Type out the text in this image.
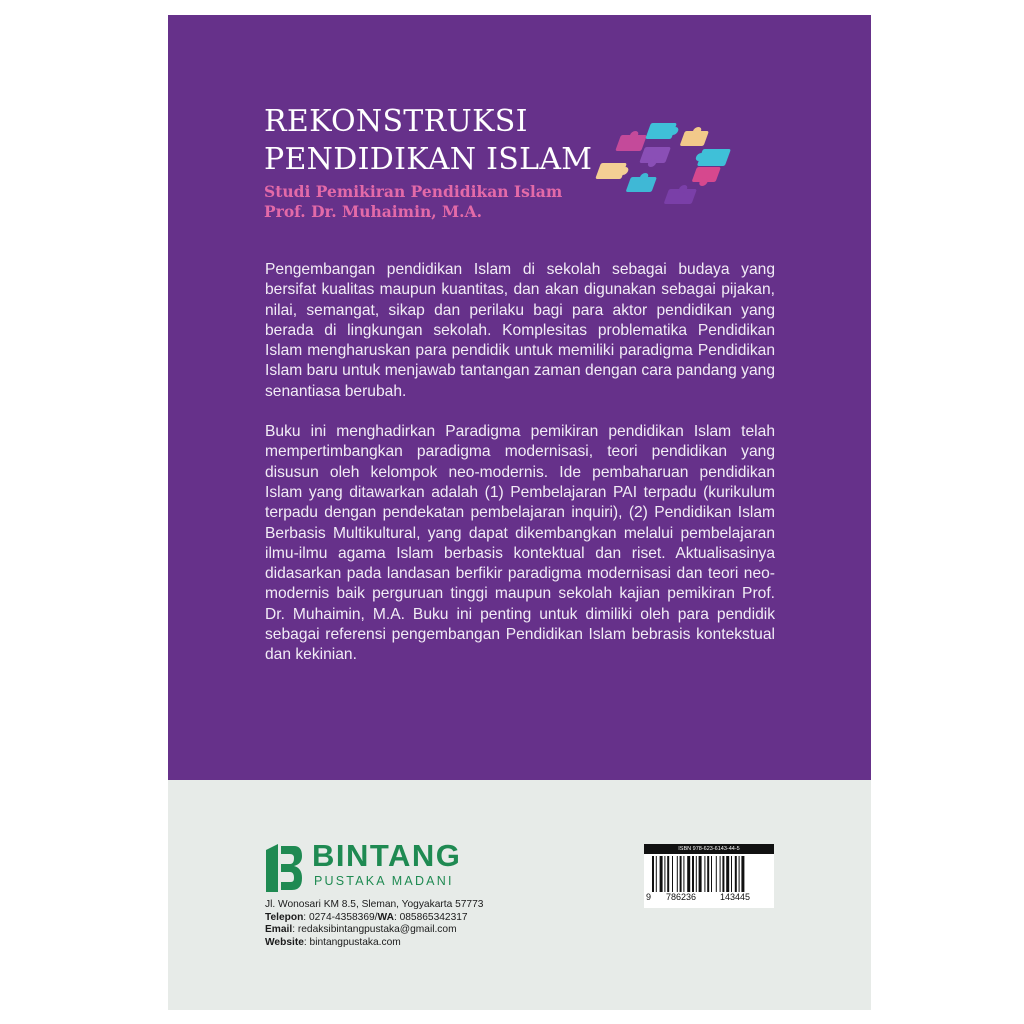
REKONSTRUKSI
PENDIDIKAN ISLAM
Studi Pemikiran Pendidikan Islam
Prof. Dr. Muhaimin, M.A.

Pengembangan pendidikan Islam di sekolah sebagai budaya yang bersifat kualitas maupun kuantitas, dan akan digunakan sebagai pijakan, nilai, semangat, sikap dan perilaku bagi para aktor pendidikan yang berada di lingkungan sekolah. Komplesitas problematika Pendidikan Islam mengharuskan para pendidik untuk memiliki paradigma Pendidikan Islam baru untuk menjawab tantangan zaman dengan cara pandang yang senantiasa berubah.

Buku ini menghadirkan Paradigma pemikiran pendidikan Islam telah mempertimbangkan paradigma modernisasi, teori pendidikan yang disusun oleh kelompok neo-modernis. Ide pembaharuan pendidikan Islam yang ditawarkan adalah (1) Pembelajaran PAI terpadu (kurikulum terpadu dengan pendekatan pembelajaran inquiri), (2) Pendidikan Islam Berbasis Multikultural, yang dapat dikembangkan melalui pembelajaran ilmu-ilmu agama Islam berbasis kontektual dan riset. Aktualisasinya didasarkan pada landasan berfikir paradigma modernisasi dan teori neo-modernis baik perguruan tinggi maupun sekolah kajian pemikiran Prof. Dr. Muhaimin, M.A. Buku ini penting untuk dimiliki oleh para pendidik sebagai referensi pengembangan Pendidikan Islam bebrasis kontekstual dan kekinian.

BINTANG
PUSTAKA MADANI
Jl. Wonosari KM 8.5, Sleman, Yogyakarta 57773
Telepon: 0274-4358369/WA: 085865342317
Email: redaksibintangpustaka@gmail.com
Website: bintangpustaka.com
ISBN 978-623-6143-44-5
9 786236	143445
